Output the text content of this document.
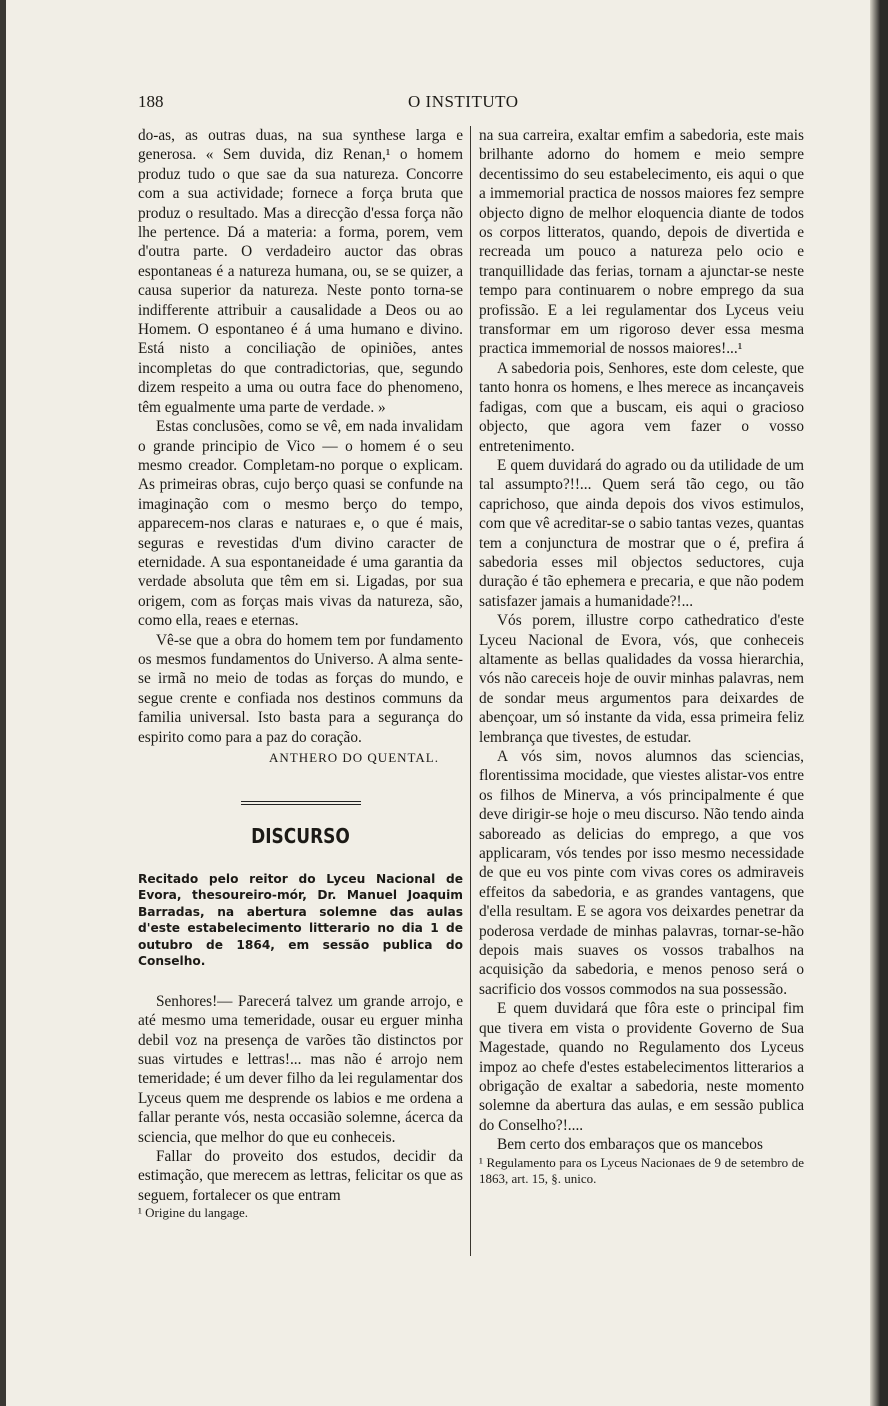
188	O INSTITUTO

do-as, as outras duas, na sua synthese larga e generosa. « Sem duvida, diz Renan,¹ o homem produz tudo o que sae da sua natureza. Concorre com a sua actividade; fornece a força bruta que produz o resultado. Mas a direcção d'essa força não lhe pertence. Dá a materia: a forma, porem, vem d'outra parte. O verdadeiro auctor das obras espontaneas é a natureza humana, ou, se se quizer, a causa superior da natureza. Neste ponto torna-se indifferente attribuir a causalidade a Deos ou ao Homem. O espontaneo é á uma humano e divino. Está nisto a conciliação de opiniões, antes incompletas do que contradictorias, que, segundo dizem respeito a uma ou outra face do phenomeno, têm egualmente uma parte de verdade. »

Estas conclusões, como se vê, em nada invalidam o grande principio de Vico — o homem é o seu mesmo creador. Completam-no porque o explicam. As primeiras obras, cujo berço quasi se confunde na imaginação com o mesmo berço do tempo, apparecem-nos claras e naturaes e, o que é mais, seguras e revestidas d'um divino caracter de eternidade. A sua espontaneidade é uma garantia da verdade absoluta que têm em si. Ligadas, por sua origem, com as forças mais vivas da natureza, são, como ella, reaes e eternas.

Vê-se que a obra do homem tem por fundamento os mesmos fundamentos do Universo. A alma sente-se irmã no meio de todas as forças do mundo, e segue crente e confiada nos destinos communs da familia universal. Isto basta para a segurança do espirito como para a paz do coração.

ANTHERO DO QUENTAL.
DISCURSO
Recitado pelo reitor do Lyceu Nacional de Evora, thesoureiro-mór, Dr. Manuel Joaquim Barradas, na abertura solemne das aulas d'este estabelecimento litterario no dia 1 de outubro de 1864, em sessão publica do Conselho.

Senhores!— Parecerá talvez um grande arrojo, e até mesmo uma temeridade, ousar eu erguer minha debil voz na presença de varões tão distinctos por suas virtudes e lettras!... mas não é arrojo nem temeridade; é um dever filho da lei regulamentar dos Lyceus quem me desprende os labios e me ordena a fallar perante vós, nesta occasião solemne, ácerca da sciencia, que melhor do que eu conheceis.

Fallar do proveito dos estudos, decidir da estimação, que merecem as lettras, felicitar os que as seguem, fortalecer os que entram

¹ Origine du langage.

na sua carreira, exaltar emfim a sabedoria, este mais brilhante adorno do homem e meio sempre decentissimo do seu estabelecimento, eis aqui o que a immemorial practica de nossos maiores fez sempre objecto digno de melhor eloquencia diante de todos os corpos litteratos, quando, depois de divertida e recreada um pouco a natureza pelo ocio e tranquillidade das ferias, tornam a ajunctar-se neste tempo para continuarem o nobre emprego da sua profissão. E a lei regulamentar dos Lyceus veiu transformar em um rigoroso dever essa mesma practica immemorial de nossos maiores!...¹

A sabedoria pois, Senhores, este dom celeste, que tanto honra os homens, e lhes merece as incançaveis fadigas, com que a buscam, eis aqui o gracioso objecto, que agora vem fazer o vosso entretenimento.

E quem duvidará do agrado ou da utilidade de um tal assumpto?!!... Quem será tão cego, ou tão caprichoso, que ainda depois dos vivos estimulos, com que vê acreditar-se o sabio tantas vezes, quantas tem a conjunctura de mostrar que o é, prefira á sabedoria esses mil objectos seductores, cuja duração é tão ephemera e precaria, e que não podem satisfazer jamais a humanidade?!...

Vós porem, illustre corpo cathedratico d'este Lyceu Nacional de Evora, vós, que conheceis altamente as bellas qualidades da vossa hierarchia, vós não careceis hoje de ouvir minhas palavras, nem de sondar meus argumentos para deixardes de abençoar, um só instante da vida, essa primeira feliz lembrança que tivestes, de estudar.

A vós sim, novos alumnos das sciencias, florentissima mocidade, que viestes alistar-vos entre os filhos de Minerva, a vós principalmente é que deve dirigir-se hoje o meu discurso. Não tendo ainda saboreado as delicias do emprego, a que vos applicaram, vós tendes por isso mesmo necessidade de que eu vos pinte com vivas cores os admiraveis effeitos da sabedoria, e as grandes vantagens, que d'ella resultam. E se agora vos deixardes penetrar da poderosa verdade de minhas palavras, tornar-se-hão depois mais suaves os vossos trabalhos na acquisição da sabedoria, e menos penoso será o sacrificio dos vossos commodos na sua possessão.

E quem duvidará que fôra este o principal fim que tivera em vista o providente Governo de Sua Magestade, quando no Regulamento dos Lyceus impoz ao chefe d'estes estabelecimentos litterarios a obrigação de exaltar a sabedoria, neste momento solemne da abertura das aulas, e em sessão publica do Conselho?!....

Bem certo dos embaraços que os mancebos

¹ Regulamento para os Lyceus Nacionaes de 9 de setembro de 1863, art. 15, §. unico.
